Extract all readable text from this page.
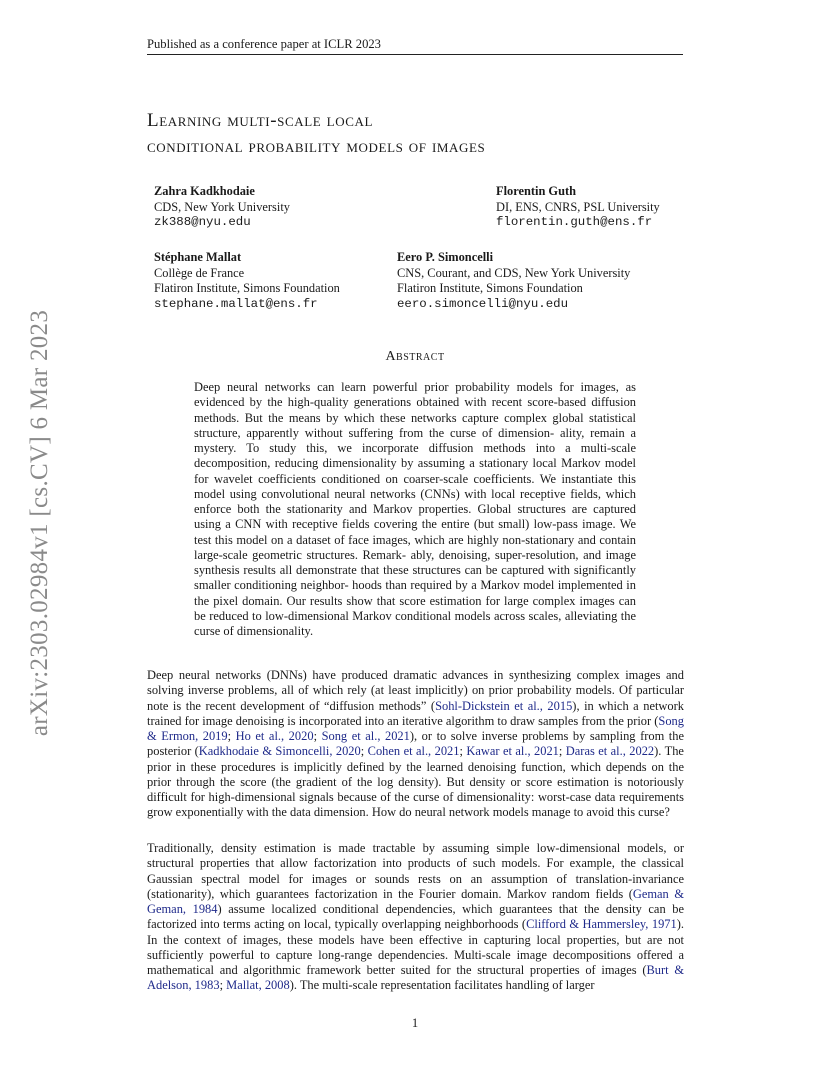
Published as a conference paper at ICLR 2023
Learning multi-scale local
conditional probability models of images
Zahra Kadkhodaie
CDS, New York University
zk388@nyu.edu
Florentin Guth
DI, ENS, CNRS, PSL University
florentin.guth@ens.fr
Stéphane Mallat
Collège de France
Flatiron Institute, Simons Foundation
stephane.mallat@ens.fr
Eero P. Simoncelli
CNS, Courant, and CDS, New York University
Flatiron Institute, Simons Foundation
eero.simoncelli@nyu.edu
Abstract
Deep neural networks can learn powerful prior probability models for images, as evidenced by the high-quality generations obtained with recent score-based diffusion methods. But the means by which these networks capture complex global statistical structure, apparently without suffering from the curse of dimension- ality, remain a mystery. To study this, we incorporate diffusion methods into a multi-scale decomposition, reducing dimensionality by assuming a stationary local Markov model for wavelet coefficients conditioned on coarser-scale coefficients. We instantiate this model using convolutional neural networks (CNNs) with local receptive fields, which enforce both the stationarity and Markov properties. Global structures are captured using a CNN with receptive fields covering the entire (but small) low-pass image. We test this model on a dataset of face images, which are highly non-stationary and contain large-scale geometric structures. Remark- ably, denoising, super-resolution, and image synthesis results all demonstrate that these structures can be captured with significantly smaller conditioning neighbor- hoods than required by a Markov model implemented in the pixel domain. Our results show that score estimation for large complex images can be reduced to low-dimensional Markov conditional models across scales, alleviating the curse of dimensionality.

Deep neural networks (DNNs) have produced dramatic advances in synthesizing complex images and solving inverse problems, all of which rely (at least implicitly) on prior probability models. Of particular note is the recent development of “diffusion methods” (Sohl-Dickstein et al., 2015), in which a network trained for image denoising is incorporated into an iterative algorithm to draw samples from the prior (Song & Ermon, 2019; Ho et al., 2020; Song et al., 2021), or to solve inverse problems by sampling from the posterior (Kadkhodaie & Simoncelli, 2020; Cohen et al., 2021; Kawar et al., 2021; Daras et al., 2022). The prior in these procedures is implicitly defined by the learned denoising function, which depends on the prior through the score (the gradient of the log density). But density or score estimation is notoriously difficult for high-dimensional signals because of the curse of dimensionality: worst-case data requirements grow exponentially with the data dimension. How do neural network models manage to avoid this curse?

Traditionally, density estimation is made tractable by assuming simple low-dimensional models, or structural properties that allow factorization into products of such models. For example, the classical Gaussian spectral model for images or sounds rests on an assumption of translation-invariance (stationarity), which guarantees factorization in the Fourier domain. Markov random fields (Geman & Geman, 1984) assume localized conditional dependencies, which guarantees that the density can be factorized into terms acting on local, typically overlapping neighborhoods (Clifford & Hammersley, 1971). In the context of images, these models have been effective in capturing local properties, but are not sufficiently powerful to capture long-range dependencies. Multi-scale image decompositions offered a mathematical and algorithmic framework better suited for the structural properties of images (Burt & Adelson, 1983; Mallat, 2008). The multi-scale representation facilitates handling of larger

1
arXiv:2303.02984v1 [cs.CV] 6 Mar 2023
